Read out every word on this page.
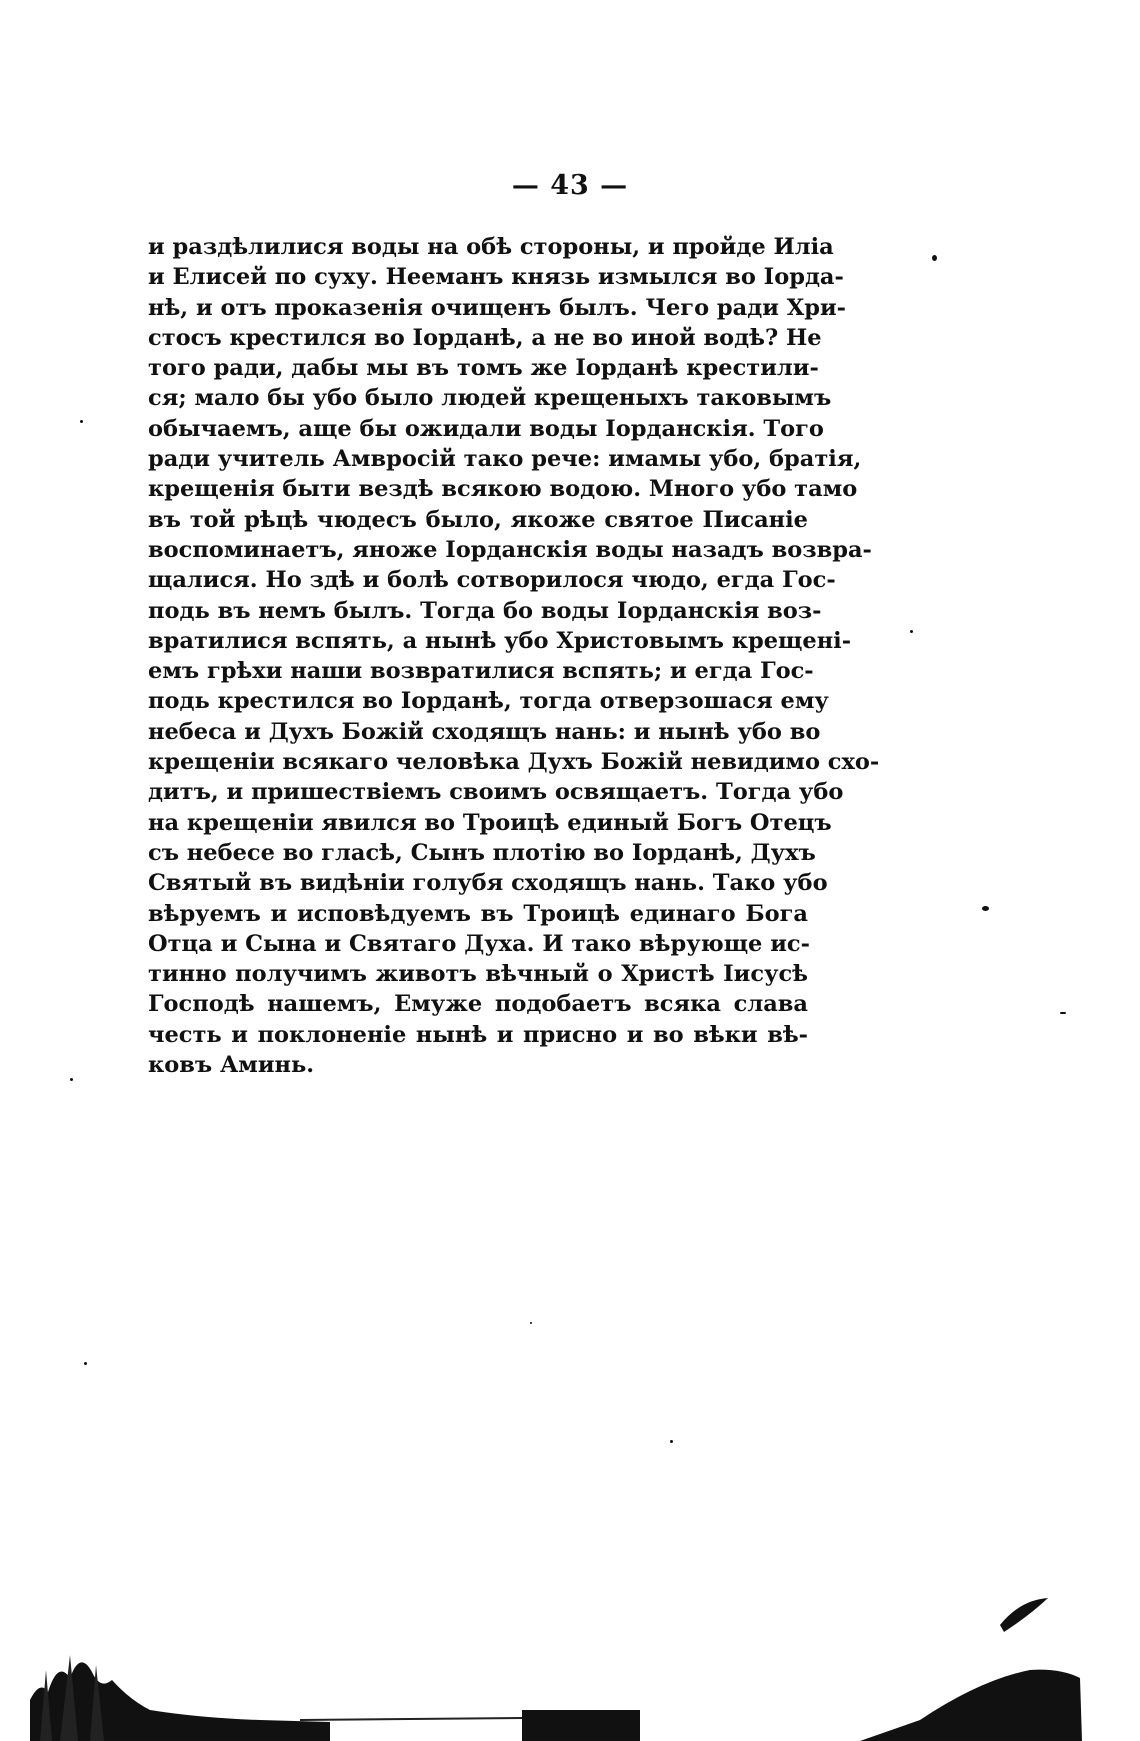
— 43 —
и раздѣлилися воды на обѣ стороны, и пройде Иліа
и Елисей по суху. Нееманъ князь измылся во Іорда-
нѣ, и отъ проказенія очищенъ былъ. Чего ради Хри-
стосъ крестился во Іорданѣ, а не во иной водѣ? Не
того ради, дабы мы въ томъ же Іорданѣ крестили-
ся; мало бы убо было людей крещеныхъ таковымъ
обычаемъ, аще бы ожидали воды Іорданскія. Того
ради учитель Амвросій тако рече: имамы убо, братія,
крещенія быти вездѣ всякою водою. Много убо тамо
въ той рѣцѣ чюдесъ было, якоже святое Писаніе
воспоминаетъ, яноже Іорданскія воды назадъ возвра-
щалися. Но здѣ и болѣ сотворилося чюдо, егда Гос-
подь въ немъ былъ. Тогда бо воды Іорданскія воз-
вратилися вспять, а нынѣ убо Христовымъ крещені-
емъ грѣхи наши возвратилися вспять; и егда Гос-
подь крестился во Іорданѣ, тогда отверзошася ему
небеса и Духъ Божій сходящъ нань: и нынѣ убо во
крещеніи всякаго человѣка Духъ Божій невидимо схо-
дитъ, и пришествіемъ своимъ освящаетъ. Тогда убо
на крещеніи явился во Троицѣ единый Богъ Отецъ
съ небесе во гласѣ, Сынъ плотію во Іорданѣ, Духъ
Святый въ видѣніи голубя сходящъ нань. Тако убо
вѣруемъ и исповѣдуемъ въ Троицѣ единаго Бога
Отца и Сына и Святаго Духа. И тако вѣрующе ис-
тинно получимъ животъ вѣчный о Христѣ Іисусѣ
Господѣ нашемъ, Емуже подобаетъ всяка слава
честь и поклоненіе нынѣ и присно и во вѣки вѣ-
ковъ Аминь.
